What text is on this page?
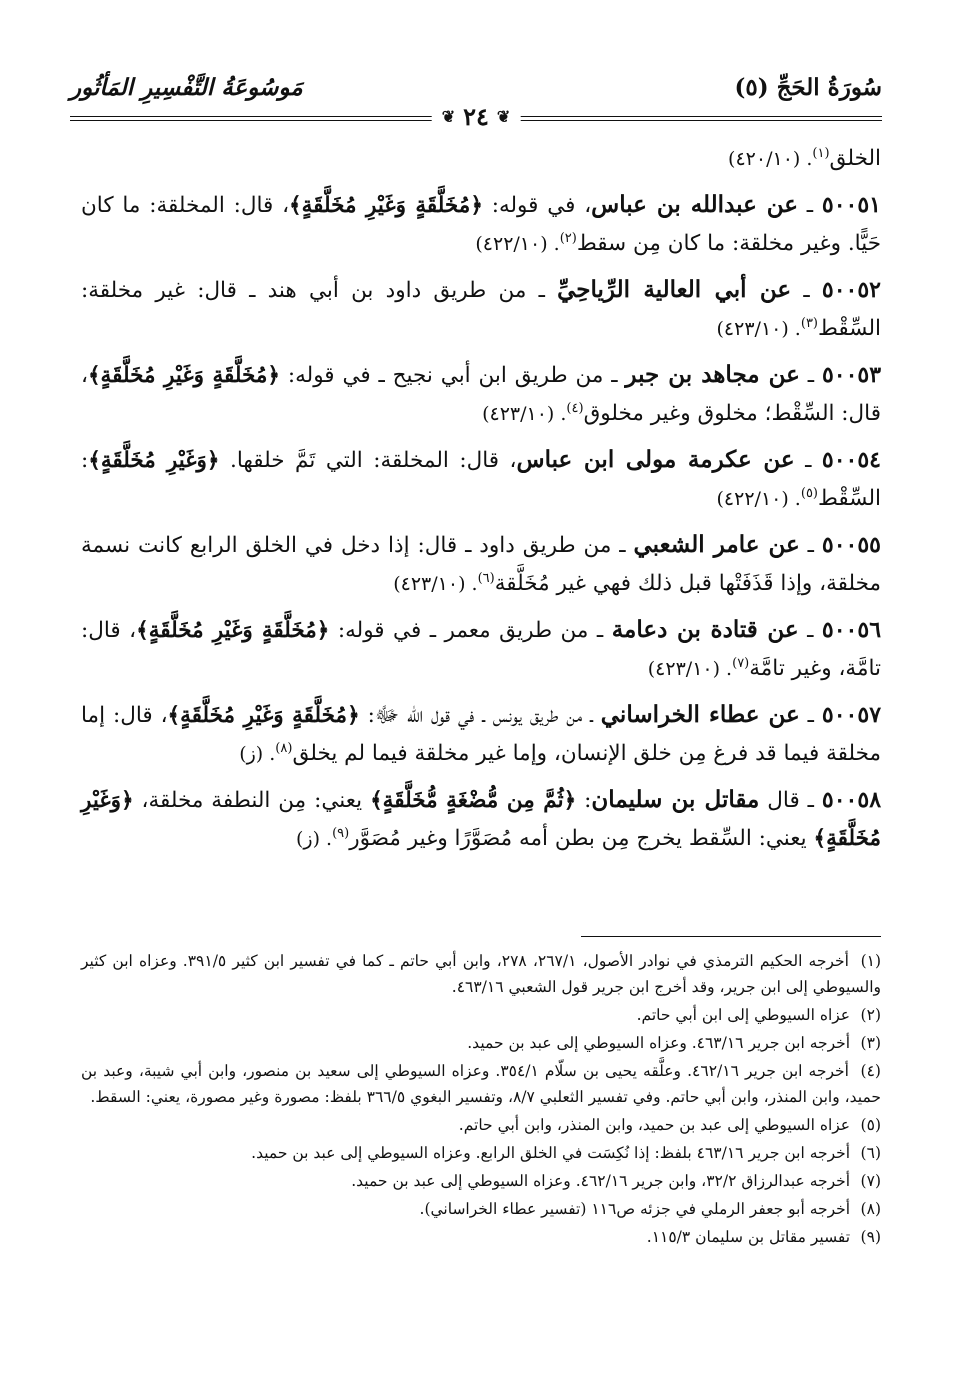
سُورَةُ الحَجِّ (٥)
مَوسُوعَةُ التَّفْسِيرِ المَأثُور
❦
٢٤
❦

الخلق$^{(١)}$. (٤٢٠/١٠)

٥٠٠٥١ ـ عن عبدالله بن عباس، في قوله: ﴿مُخَلَّقَةٍ وَغَيْرِ مُخَلَّقَةٍ﴾، قال: المخلقة: ما كان حَيًّا. وغير مخلقة: ما كان مِن سقط$^{(٢)}$. (٤٢٢/١٠)

٥٠٠٥٢ ـ عن أبي العالية الرِّياحِيِّ ـ من طريق داود بن أبي هند ـ قال: غير مخلقة: السِّقْط$^{(٣)}$. (٤٢٣/١٠)

٥٠٠٥٣ ـ عن مجاهد بن جبر ـ من طريق ابن أبي نجيح ـ في قوله: ﴿مُخَلَّقَةٍ وَغَيْرِ مُخَلَّقَةٍ﴾، قال: السِّقْط؛ مخلوق وغير مخلوق$^{(٤)}$. (٤٢٣/١٠)

٥٠٠٥٤ ـ عن عكرمة مولى ابن عباس، قال: المخلقة: التي تَمَّ خلقها. ﴿وَغَيْرِ مُخَلَّقَةٍ﴾: السِّقْط$^{(٥)}$. (٤٢٢/١٠)

٥٠٠٥٥ ـ عن عامر الشعبي ـ من طريق داود ـ قال: إذا دخل في الخلق الرابع كانت نسمة مخلقة، وإذا قَذَفَتْها قبل ذلك فهي غير مُخَلَّقة$^{(٦)}$. (٤٢٣/١٠)

٥٠٠٥٦ ـ عن قتادة بن دعامة ـ من طريق معمر ـ في قوله: ﴿مُخَلَّقَةٍ وَغَيْرِ مُخَلَّقَةٍ﴾، قال: تامَّة، وغير تامَّة$^{(٧)}$. (٤٢٣/١٠)

٥٠٠٥٧ ـ عن عطاء الخراساني ـ من طريق يونس ـ في قول الله ﷻ: ﴿مُخَلَّقَةٍ وَغَيْرِ مُخَلَّقَةٍ﴾، قال: إما مخلقة فيما قد فرغ مِن خلق الإنسان، وإما غير مخلقة فيما لم يخلق$^{(٨)}$. (ز)

٥٠٠٥٨ ـ قال مقاتل بن سليمان: ﴿ثُمَّ مِن مُّضْغَةٍ مُّخَلَّقَةٍ﴾ يعني: مِن النطفة مخلقة، ﴿وَغَيْرِ مُخَلَّقَةٍ﴾ يعني: السِّقط يخرج مِن بطن أمه مُصَوَّرًا وغير مُصَوَّر$^{(٩)}$. (ز)

(١) أخرجه الحكيم الترمذي في نوادر الأصول، ٢٦٧/١، ٢٧٨، وابن أبي حاتم ـ كما في تفسير ابن كثير ٣٩١/٥. وعزاه ابن كثير والسيوطي إلى ابن جرير، وقد أخرج ابن جرير قول الشعبي ٤٦٣/١٦.

(٢) عزاه السيوطي إلى ابن أبي حاتم.

(٣) أخرجه ابن جرير ٤٦٣/١٦. وعزاه السيوطي إلى عبد بن حميد.

(٤) أخرجه ابن جرير ٤٦٢/١٦. وعلَّقه يحيى بن سلّام ٣٥٤/١. وعزاه السيوطي إلى سعيد بن منصور، وابن أبي شيبة، وعبد بن حميد، وابن المنذر، وابن أبي حاتم. وفي تفسير الثعلبي ٨/٧، وتفسير البغوي ٣٦٦/٥ بلفظ: مصورة وغير مصورة، يعني: السقط.

(٥) عزاه السيوطي إلى عبد بن حميد، وابن المنذر، وابن أبي حاتم.

(٦) أخرجه ابن جرير ٤٦٣/١٦ بلفظ: إذا نُكِسَت في الخلق الرابع. وعزاه السيوطي إلى عبد بن حميد.

(٧) أخرجه عبدالرزاق ٣٢/٢، وابن جرير ٤٦٢/١٦. وعزاه السيوطي إلى عبد بن حميد.

(٨) أخرجه أبو جعفر الرملي في جزئه ص١١٦ (تفسير عطاء الخراساني).

(٩) تفسير مقاتل بن سليمان ١١٥/٣.
